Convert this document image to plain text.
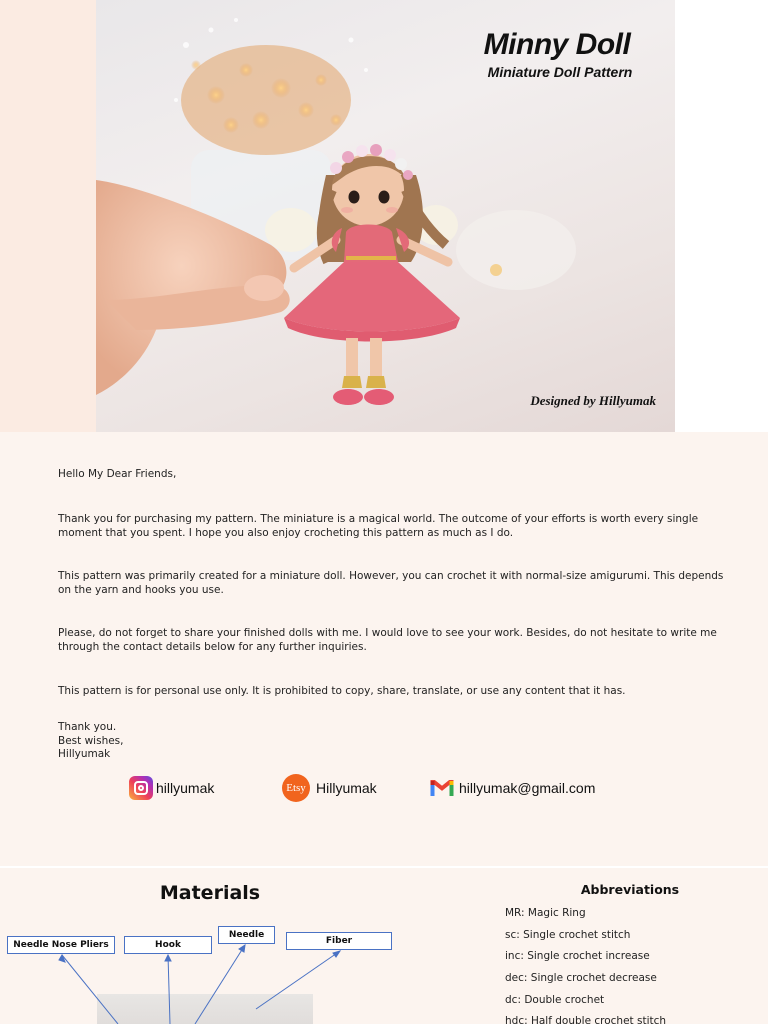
Minny Doll
Miniature Doll Pattern
Designed by Hillyumak

Hello My Dear Friends,

Thank you for purchasing my pattern. The miniature is a magical world. The outcome of your efforts is worth every single moment that you spent. I hope you also enjoy crocheting this pattern as much as I do.

This pattern was primarily created for a miniature doll. However, you can crochet it with normal-size amigurumi. This depends on the yarn and hooks you use.

Please, do not forget to share your finished dolls with me. I would love to see your work. Besides, do not hesitate to write me through the contact details below for any further inquiries.

This pattern is for personal use only. It is prohibited to copy, share, translate, or use any content that it has.

Thank you.

Best wishes,

Hillyumak

hillyumak	Etsy Hillyumak	hillyumak@gmail.com
Materials
Needle Nose Pliers	Hook
Needle
Fiber
Abbreviations
MR: Magic Ring
sc: Single crochet stitch
inc: Single crochet increase
dec: Single crochet decrease
dc: Double crochet
hdc: Half double crochet stitch
